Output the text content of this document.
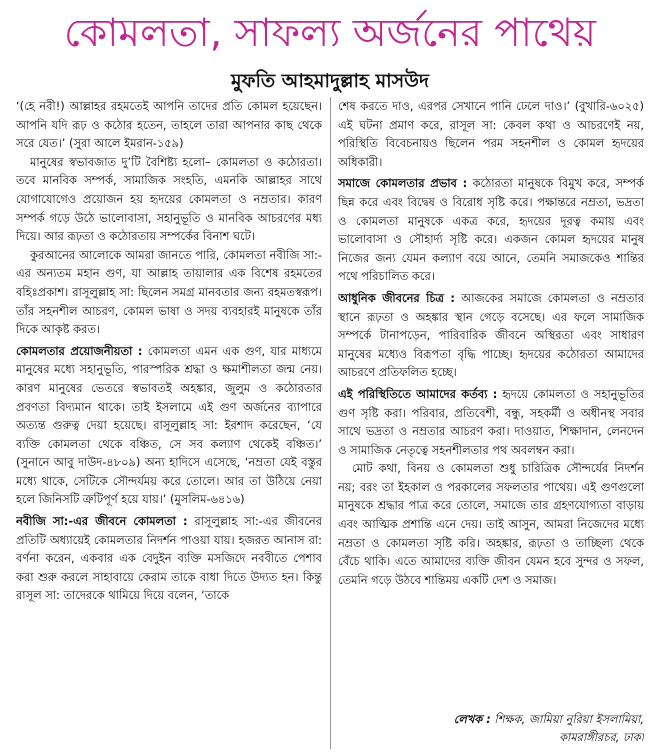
কোমলতা, সাফল্য অর্জনের পাথেয়
মুফতি আহমাদুল্লাহ মাসউদ

‘(হে নবী!) আল্লাহর রহমতেই আপনি তাদের প্রতি কোমল হয়েছেন। আপনি যদি রূঢ় ও কঠোর হতেন, তাহলে তারা আপনার কাছ থেকে সরে যেত।’ (সুরা আলে ইমরান-১৫৯)

মানুষের স্বভাবজাত দু’টি বৈশিষ্ট্য হলো– কোমলতা ও কঠোরতা। তবে মানবিক সম্পর্ক, সামাজিক সংহতি, এমনকি আল্লাহর সাথে যোগাযোগেও প্রয়োজন হয় হৃদয়ের কোমলতা ও নম্রতার। কারণ সম্পর্ক গড়ে উঠে ভালোবাসা, সহানুভূতি ও মানবিক আচরণের মধ্য দিয়ে। আর রূঢ়তা ও কঠোরতায় সম্পর্কের বিনাশ ঘটে।

কুরআনের আলোকে আমরা জানতে পারি, কোমলতা নবীজি সা:-এর অন্যতম মহান গুণ, যা আল্লাহ তায়ালার এক বিশেষ রহমতের বহিঃপ্রকাশ। রাসূলুল্লাহ সা: ছিলেন সমগ্র মানবতার জন্য রহমতস্বরূপ। তাঁর সহনশীল আচরণ, কোমল ভাষা ও সদয় ব্যবহারই মানুষকে তাঁর দিকে আকৃষ্ট করত।

কোমলতার প্রয়োজনীয়তা : কোমলতা এমন এক গুণ, যার মাধ্যমে মানুষের মধ্যে সহানুভূতি, পারস্পরিক শ্রদ্ধা ও ক্ষমাশীলতা জন্ম নেয়। কারণ মানুষের ভেতরে স্বভাবতই অহঙ্কার, জুলুম ও কঠোরতার প্রবণতা বিদ্যমান থাকে। তাই ইসলামে এই গুণ অর্জনের ব্যাপারে অত্যন্ত গুরুত্ব দেয়া হয়েছে। রাসূলুল্লাহ সা: ইরশাদ করেছেন, ‘যে ব্যক্তি কোমলতা থেকে বঞ্চিত, সে সব কল্যাণ থেকেই বঞ্চিত।’ (সুনানে আবু দাউদ-৪৮০৯) অন্য হাদিসে এসেছে, ‘নম্রতা যেই বস্তুর মধ্যে থাকে, সেটিকে সৌন্দর্যময় করে তোলে। আর তা উঠিয়ে নেয়া হলে জিনিসটি ত্রুটিপূর্ণ হয়ে যায়।’ (মুসলিম-৬৪১৬)

নবীজি সা:-এর জীবনে কোমলতা : রাসূলুল্লাহ সা:-এর জীবনের প্রতিটি অধ্যায়েই কোমলতার নিদর্শন পাওয়া যায়। হজরত আনাস রা: বর্ণনা করেন, একবার এক বেদুইন ব্যক্তি মসজিদে নববীতে পেশাব করা শুরু করলে সাহাবায়ে কেরাম তাকে বাধা দিতে উদ্যত হন। কিন্তু রাসূল সা: তাদেরকে থামিয়ে দিয়ে বলেন, ‘তাকে

শেষ করতে দাও, এরপর সেখানে পানি ঢেলে দাও।’ (বুখারি-৬০২৫) এই ঘটনা প্রমাণ করে, রাসূল সা: কেবল কথা ও আচরণেই নয়, পরিস্থিতি বিবেচনায়ও ছিলেন পরম সহনশীল ও কোমল হৃদয়ের অধিকারী।

সমাজে কোমলতার প্রভাব : কঠোরতা মানুষকে বিমুখ করে, সম্পর্ক ছিন্ন করে এবং বিদ্বেষ ও বিরোধ সৃষ্টি করে। পক্ষান্তরে নম্রতা, ভদ্রতা ও কোমলতা মানুষকে একত্র করে, হৃদয়ের দূরত্ব কমায় এবং ভালোবাসা ও সৌহার্দ্য সৃষ্টি করে। একজন কোমল হৃদয়ের মানুষ নিজের জন্য যেমন কল্যাণ বয়ে আনে, তেমনি সমাজকেও শান্তির পথে পরিচালিত করে।

আধুনিক জীবনের চিত্র : আজকের সমাজে কোমলতা ও নম্রতার স্থানে রূঢ়তা ও অহঙ্কার স্থান গেড়ে বসেছে। এর ফলে সামাজিক সম্পর্কে টানাপড়েন, পারিবারিক জীবনে অস্থিরতা এবং সাধারণ মানুষের মধ্যেও বিরূপতা বৃদ্ধি পাচ্ছে। হৃদয়ের কঠোরতা আমাদের আচরণে প্রতিফলিত হচ্ছে।

এই পরিস্থিতিতে আমাদের কর্তব্য : হৃদয়ে কোমলতা ও সহানুভূতির গুণ সৃষ্টি করা। পরিবার, প্রতিবেশী, বন্ধু, সহকর্মী ও অধীনস্থ সবার সাথে ভদ্রতা ও নম্রতার আচরণ করা। দাওয়াত, শিক্ষাদান, লেনদেন ও সামাজিক নেতৃত্বে সহনশীলতার পথ অবলম্বন করা।

মোট কথা, বিনয় ও কোমলতা শুধু চারিত্রিক সৌন্দর্যের নিদর্শন নয়; বরং তা ইহকাল ও পরকালের সফলতার পাথেয়। এই গুণগুলো মানুষকে শ্রদ্ধার পাত্র করে তোলে, সমাজে তার গ্রহণযোগ্যতা বাড়ায় এবং আত্মিক প্রশান্তি এনে দেয়। তাই আসুন, আমরা নিজেদের মধ্যে নম্রতা ও কোমলতা সৃষ্টি করি। অহঙ্কার, রূঢ়তা ও তাচ্ছিল্য থেকে বেঁচে থাকি। এতে আমাদের ব্যক্তি জীবন যেমন হবে সুন্দর ও সফল, তেমনি গড়ে উঠবে শান্তিময় একটি দেশ ও সমাজ।

লেখক : শিক্ষক, জামিয়া নুরিয়া ইসলামিয়া, কামরাঙ্গীরচর, ঢাকা
